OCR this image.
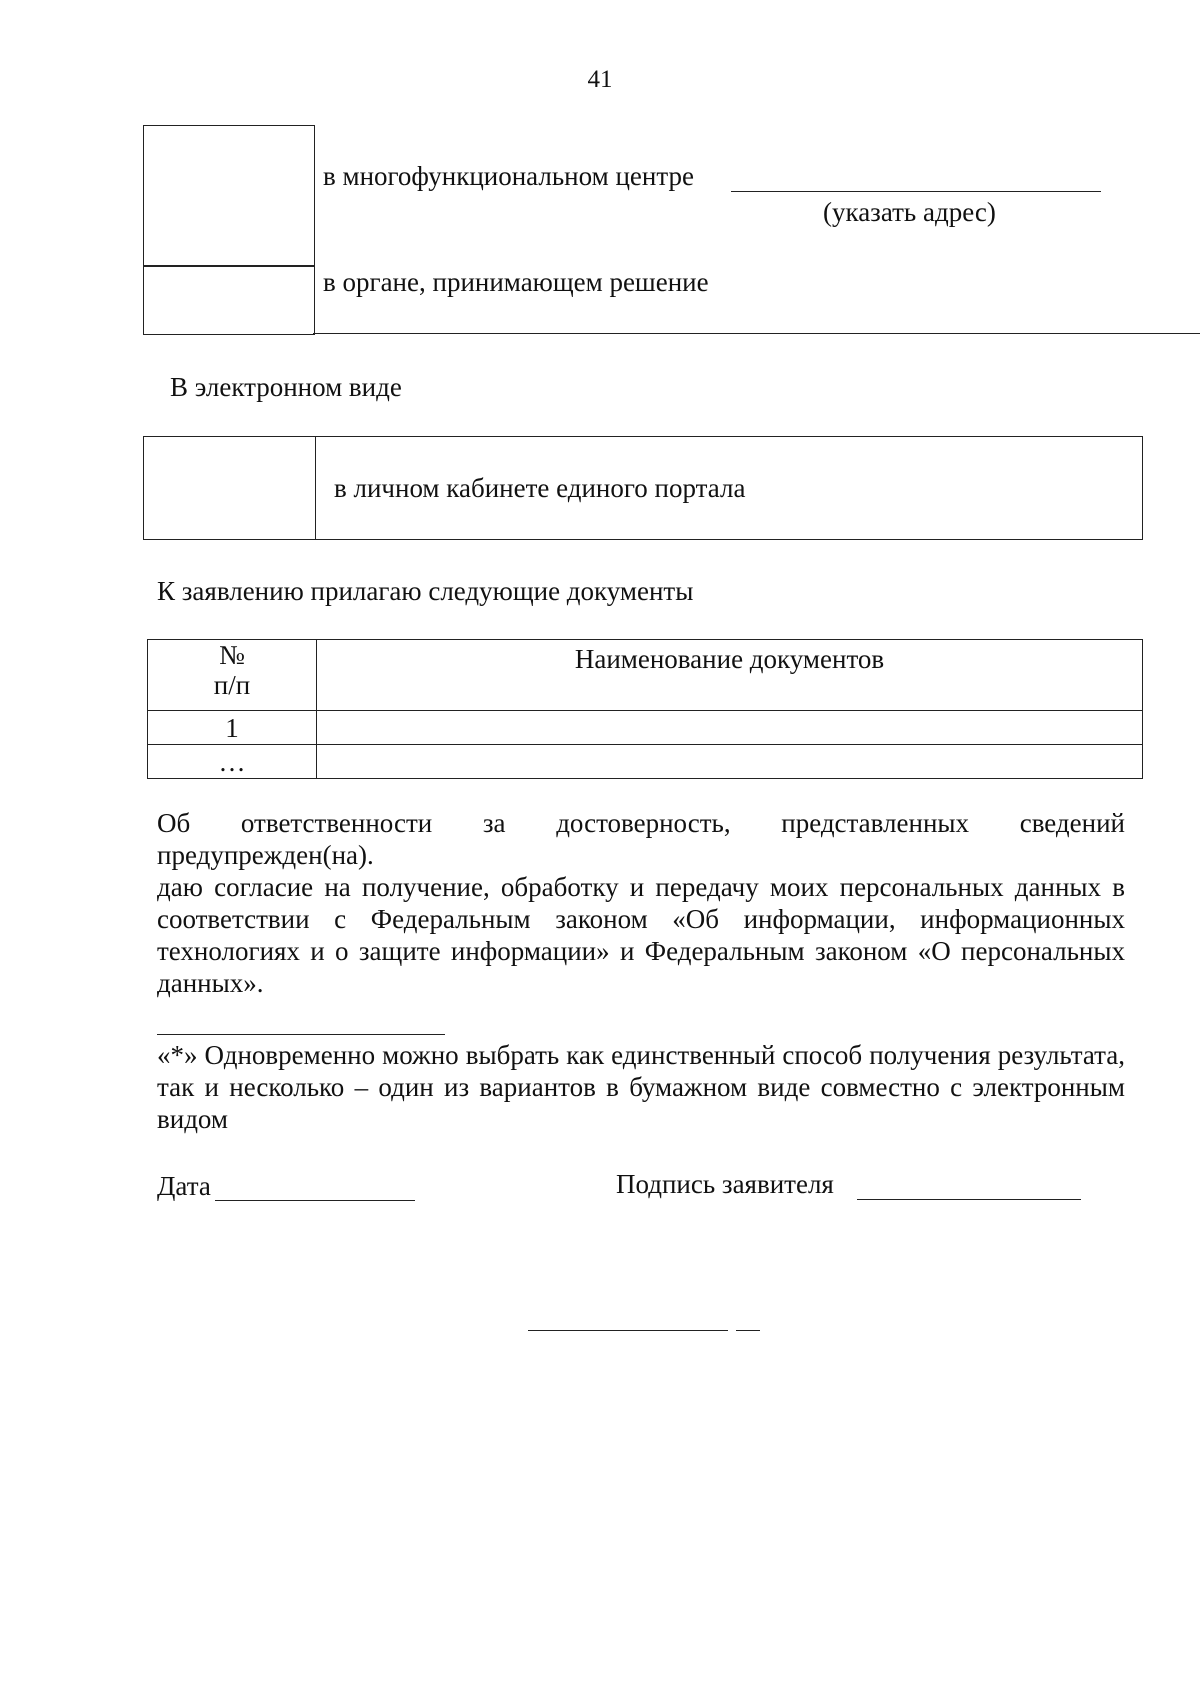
41
в многофункциональном центре
(указать адрес)
в органе, принимающем решение
В электронном виде
в личном кабинете единого портала
К заявлению прилагаю следующие документы
№
п/п	Наименование документов
1	
…	

Об ответственности за достоверность, представленных сведений

предупрежден(на).

даю согласие на получение, обработку и передачу моих персональных данных в соответствии с Федеральным законом «Об информации, информационных технологиях и о защите информации» и Федеральным законом «О персональных данных».

«*» Одновременно можно выбрать как единственный способ получения результата, так и несколько – один из вариантов в бумажном виде совместно с электронным видом

Дата	Подпись заявителя
